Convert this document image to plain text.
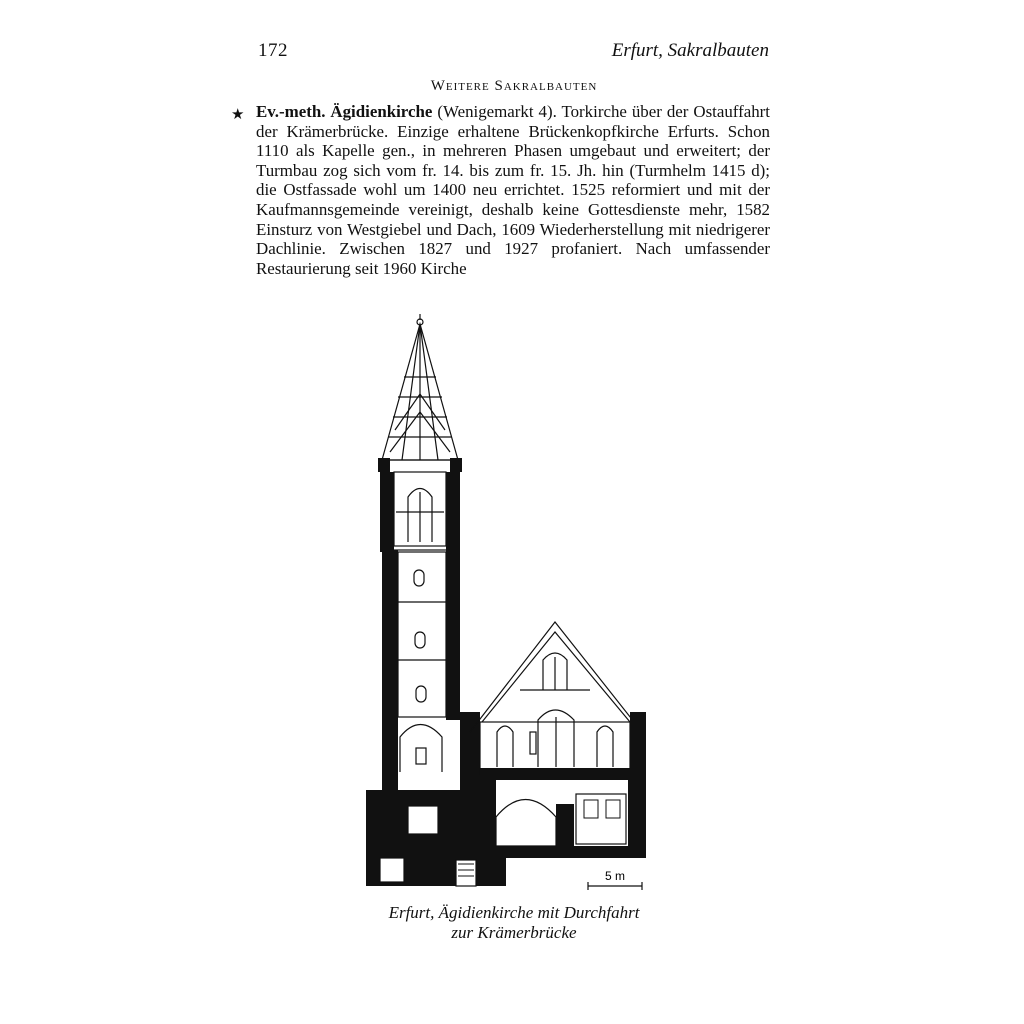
172	Erfurt, Sakralbauten
Weitere Sakralbauten
★ Ev.-meth. Ägidienkirche (Wenigemarkt 4). Torkirche über der Ostauffahrt der Krämerbrücke. Einzige erhaltene Brückenkopfkirche Erfurts. Schon 1110 als Kapelle gen., in mehreren Phasen umgebaut und erweitert; der Turmbau zog sich vom fr. 14. bis zum fr. 15. Jh. hin (Turmhelm 1415 d); die Ostfassade wohl um 1400 neu errichtet. 1525 reformiert und mit der Kaufmannsgemeinde vereinigt, deshalb keine Gottesdienste mehr, 1582 Einsturz von Westgiebel und Dach, 1609 Wiederherstellung mit niedrigerer Dachlinie. Zwischen 1827 und 1927 profaniert. Nach umfassender Restaurierung seit 1960 Kirche
5 m
Erfurt, Ägidienkirche mit Durchfahrt
zur Krämerbrücke
